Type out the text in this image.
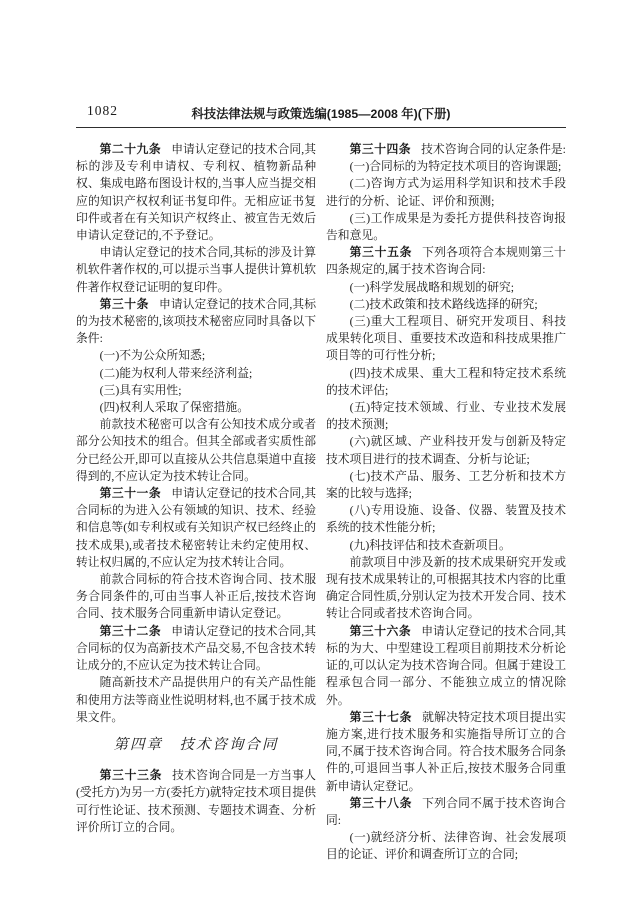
1082	科技法律法规与政策选编(1985—2008 年)(下册)

第二十九条 申请认定登记的技术合同,其标的涉及专利申请权、专利权、植物新品种权、集成电路布图设计权的,当事人应当提交相应的知识产权权利证书复印件。无相应证书复印件或者在有关知识产权终止、被宣告无效后申请认定登记的,不予登记。

申请认定登记的技术合同,其标的涉及计算机软件著作权的,可以提示当事人提供计算机软件著作权登记证明的复印件。

第三十条 申请认定登记的技术合同,其标的为技术秘密的,该项技术秘密应同时具备以下条件:

(一)不为公众所知悉;

(二)能为权利人带来经济利益;

(三)具有实用性;

(四)权利人采取了保密措施。

前款技术秘密可以含有公知技术成分或者部分公知技术的组合。但其全部或者实质性部分已经公开,即可以直接从公共信息渠道中直接得到的,不应认定为技术转让合同。

第三十一条 申请认定登记的技术合同,其合同标的为进入公有领域的知识、技术、经验和信息等(如专利权或有关知识产权已经终止的技术成果),或者技术秘密转让未约定使用权、转让权归属的,不应认定为技术转让合同。

前款合同标的符合技术咨询合同、技术服务合同条件的,可由当事人补正后,按技术咨询合同、技术服务合同重新申请认定登记。

第三十二条 申请认定登记的技术合同,其合同标的仅为高新技术产品交易,不包含技术转让成分的,不应认定为技术转让合同。

随高新技术产品提供用户的有关产品性能和使用方法等商业性说明材料,也不属于技术成果文件。

第四章　技术咨询合同

第三十三条 技术咨询合同是一方当事人(受托方)为另一方(委托方)就特定技术项目提供可行性论证、技术预测、专题技术调查、分析评价所订立的合同。

第三十四条 技术咨询合同的认定条件是:

(一)合同标的为特定技术项目的咨询课题;

(二)咨询方式为运用科学知识和技术手段进行的分析、论证、评价和预测;

(三)工作成果是为委托方提供科技咨询报告和意见。

第三十五条 下列各项符合本规则第三十四条规定的,属于技术咨询合同:

(一)科学发展战略和规划的研究;

(二)技术政策和技术路线选择的研究;

(三)重大工程项目、研究开发项目、科技成果转化项目、重要技术改造和科技成果推广项目等的可行性分析;

(四)技术成果、重大工程和特定技术系统的技术评估;

(五)特定技术领域、行业、专业技术发展的技术预测;

(六)就区域、产业科技开发与创新及特定技术项目进行的技术调查、分析与论证;

(七)技术产品、服务、工艺分析和技术方案的比较与选择;

(八)专用设施、设备、仪器、装置及技术系统的技术性能分析;

(九)科技评估和技术查新项目。

前款项目中涉及新的技术成果研究开发或现有技术成果转让的,可根据其技术内容的比重确定合同性质,分别认定为技术开发合同、技术转让合同或者技术咨询合同。

第三十六条 申请认定登记的技术合同,其标的为大、中型建设工程项目前期技术分析论证的,可以认定为技术咨询合同。但属于建设工程承包合同一部分、不能独立成立的情况除外。

第三十七条 就解决特定技术项目提出实施方案,进行技术服务和实施指导所订立的合同,不属于技术咨询合同。符合技术服务合同条件的,可退回当事人补正后,按技术服务合同重新申请认定登记。

第三十八条 下列合同不属于技术咨询合同:

(一)就经济分析、法律咨询、社会发展项目的论证、评价和调查所订立的合同;
